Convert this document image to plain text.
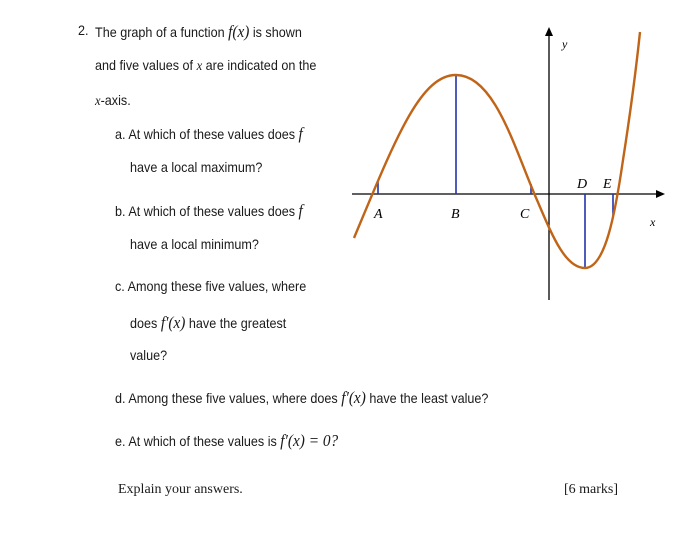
2. The graph of a function f(x) is shown
and five values of x are indicated on the
x-axis.
a. At which of these values does f
have a local maximum?
b. At which of these values does f
have a local minimum?
c. Among these five values, where
does f′(x) have the greatest
value?
d. Among these five values, where does f′(x) have the least value?
e. At which of these values is f′(x) = 0?
Explain your answers.	[6 marks]
y
x
A	B	C
D E
